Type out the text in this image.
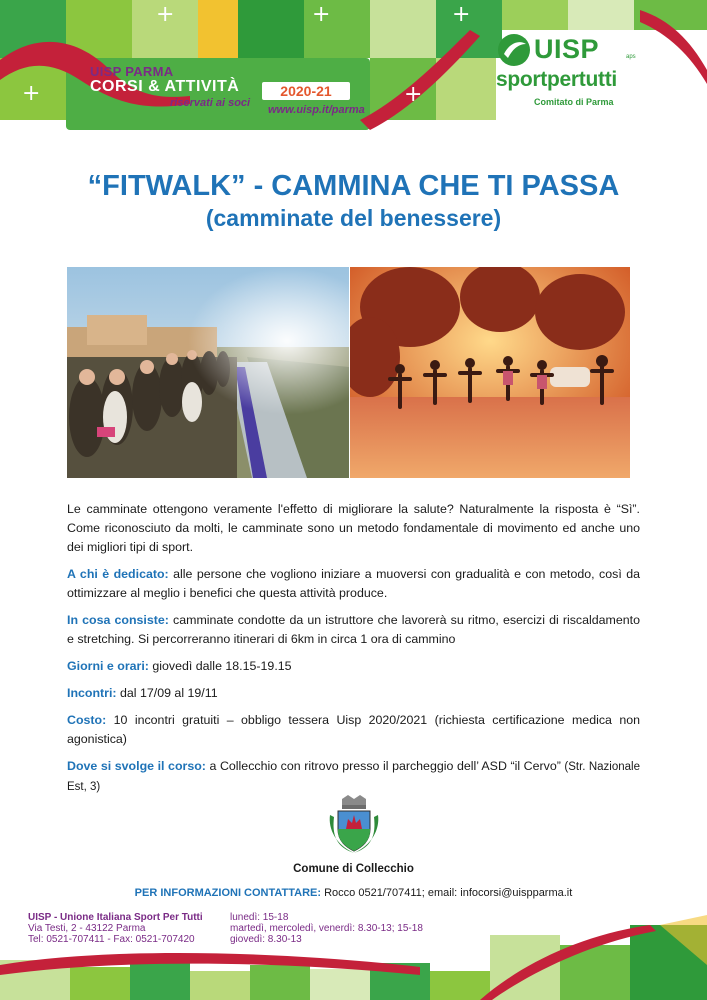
+
+	+	+
+
UISP PARMA
CORSI & ATTIVITÀ
riservati ai soci
2020-21
www.uisp.it/parma
UISP	aps
sportpertutti
Comitato di Parma
“FITWALK” - CAMMINA CHE TI PASSA
(camminate del benessere)

Le camminate ottengono veramente l'effetto di migliorare la salute? Naturalmente la risposta è “Sì”. Come riconosciuto da molti, le camminate sono un metodo fondamentale di movimento ed anche uno dei migliori tipi di sport.

A chi è dedicato: alle persone che vogliono iniziare a muoversi con gradualità e con metodo, così da ottimizzare al meglio i benefici che questa attività produce.

In cosa consiste: camminate condotte da un istruttore che lavorerà su ritmo, esercizi di riscaldamento e stretching. Si percorreranno itinerari di 6km in circa 1 ora di cammino

Giorni e orari: giovedì dalle 18.15-19.15

Incontri: dal 17/09 al 19/11

Costo: 10 incontri gratuiti – obbligo tessera Uisp 2020/2021 (richiesta certificazione medica non agonistica)

Dove si svolge il corso: a Collecchio con ritrovo presso il parcheggio dell’ ASD “il Cervo” (Str. Nazionale Est, 3)

Comune di Collecchio
PER INFORMAZIONI CONTATTARE: Rocco 0521/707411; email: infocorsi@uispparma.it
UISP - Unione Italiana Sport Per Tutti
Via Testi, 2 - 43122 Parma
Tel: 0521-707411 - Fax: 0521-707420
lunedì: 15-18
martedì, mercoledì, venerdì: 8.30-13; 15-18
giovedì: 8.30-13
